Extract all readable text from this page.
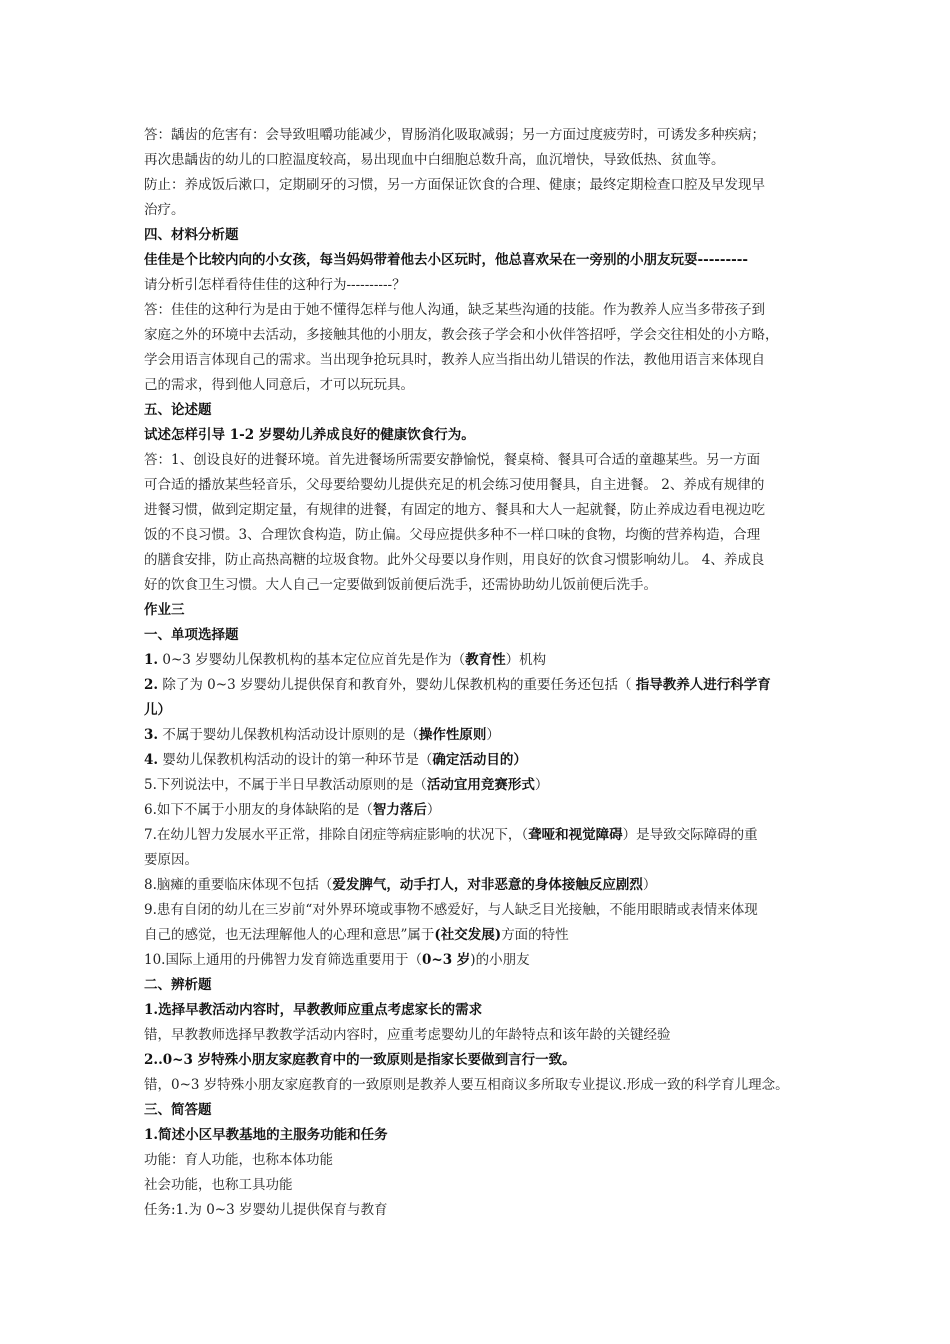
答：龋齿的危害有：会导致咀嚼功能减少，胃肠消化吸取减弱；另一方面过度疲劳时，可诱发多种疾病；

再次患龋齿的幼儿的口腔温度较高，易出现血中白细胞总数升高，血沉增快，导致低热、贫血等。

防止：养成饭后漱口，定期刷牙的习惯，另一方面保证饮食的合理、健康；最终定期检查口腔及早发现早

治疗。

四、材料分析题

佳佳是个比较内向的小女孩，每当妈妈带着他去小区玩时，他总喜欢呆在一旁别的小朋友玩耍---------

请分析引怎样看待佳佳的这种行为----------？

答：佳佳的这种行为是由于她不懂得怎样与他人沟通，缺乏某些沟通的技能。作为教养人应当多带孩子到

家庭之外的环境中去活动，多接触其他的小朋友，教会孩子学会和小伙伴答招呼，学会交往相处的小方略，

学会用语言体现自己的需求。当出现争抢玩具时，教养人应当指出幼儿错误的作法，教他用语言来体现自

己的需求，得到他人同意后，才可以玩玩具。

五、论述题

试述怎样引导 1-2 岁婴幼儿养成良好的健康饮食行为。

答：1、创设良好的进餐环境。首先进餐场所需要安静愉悦，餐桌椅、餐具可合适的童趣某些。另一方面

可合适的播放某些轻音乐，父母要给婴幼儿提供充足的机会练习使用餐具，自主进餐。 2、养成有规律的

进餐习惯，做到定期定量，有规律的进餐，有固定的地方、餐具和大人一起就餐，防止养成边看电视边吃

饭的不良习惯。3、合理饮食构造，防止偏。父母应提供多种不一样口味的食物，均衡的营养构造，合理

的膳食安排，防止高热高糖的垃圾食物。此外父母要以身作则，用良好的饮食习惯影响幼儿。 4、养成良

好的饮食卫生习惯。大人自己一定要做到饭前便后洗手，还需协助幼儿饭前便后洗手。

作业三

一、单项选择题

1. 0~3 岁婴幼儿保教机构的基本定位应首先是作为（教育性）机构

2. 除了为 0~3 岁婴幼儿提供保育和教育外，婴幼儿保教机构的重要任务还包括（ 指导教养人进行科学育

儿）

3. 不属于婴幼儿保教机构活动设计原则的是（操作性原则）

4. 婴幼儿保教机构活动的设计的第一种环节是（确定活动目的）

5.下列说法中，不属于半日早教活动原则的是（活动宜用竞赛形式）

6.如下不属于小朋友的身体缺陷的是（智力落后）

7.在幼儿智力发展水平正常，排除自闭症等病症影响的状况下，（聋哑和视觉障碍）是导致交际障碍的重

要原因。

8.脑瘫的重要临床体现不包括（爱发脾气，动手打人，对非恶意的身体接触反应剧烈）

9.患有自闭的幼儿在三岁前“对外界环境或事物不感爱好，与人缺乏目光接触，不能用眼睛或表情来体现

自己的感觉，也无法理解他人的心理和意思”属于(社交发展)方面的特性

10.国际上通用的丹佛智力发育筛选重要用于（0~3 岁)的小朋友

二、辨析题

1.选择早教活动内容时，早教教师应重点考虑家长的需求

错，早教教师选择早教教学活动内容时，应重考虑婴幼儿的年龄特点和该年龄的关键经验

2..0~3 岁特殊小朋友家庭教育中的一致原则是指家长要做到言行一致。

错，0~3 岁特殊小朋友家庭教育的一致原则是教养人要互相商议多所取专业提议.形成一致的科学育儿理念。

三、简答题

1.简述小区早教基地的主服务功能和任务

功能：育人功能，也称本体功能

社会功能，也称工具功能

任务:1.为 0~3 岁婴幼儿提供保育与教育
